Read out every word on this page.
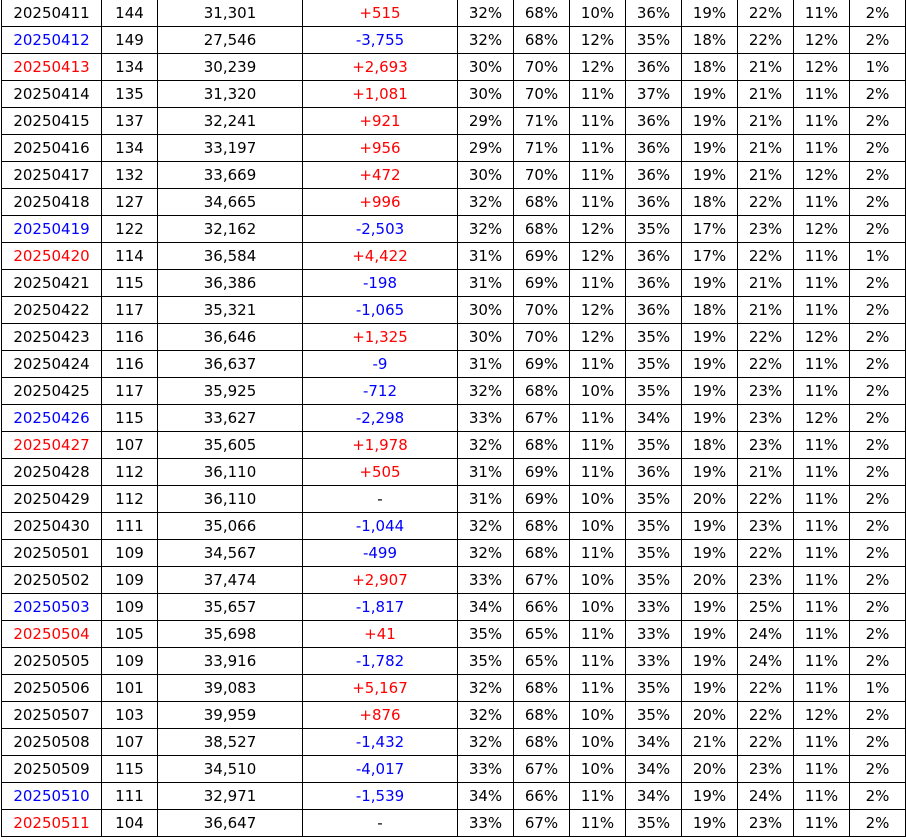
20250411	144	31,301	+515	32%	68%	10%	36%	19%	22%	11%	2%
20250412	149	27,546	-3,755	32%	68%	12%	35%	18%	22%	12%	2%
20250413	134	30,239	+2,693	30%	70%	12%	36%	18%	21%	12%	1%
20250414	135	31,320	+1,081	30%	70%	11%	37%	19%	21%	11%	2%
20250415	137	32,241	+921	29%	71%	11%	36%	19%	21%	11%	2%
20250416	134	33,197	+956	29%	71%	11%	36%	19%	21%	11%	2%
20250417	132	33,669	+472	30%	70%	11%	36%	19%	21%	12%	2%
20250418	127	34,665	+996	32%	68%	11%	36%	18%	22%	11%	2%
20250419	122	32,162	-2,503	32%	68%	12%	35%	17%	23%	12%	2%
20250420	114	36,584	+4,422	31%	69%	12%	36%	17%	22%	11%	1%
20250421	115	36,386	-198	31%	69%	11%	36%	19%	21%	11%	2%
20250422	117	35,321	-1,065	30%	70%	12%	36%	18%	21%	11%	2%
20250423	116	36,646	+1,325	30%	70%	12%	35%	19%	22%	12%	2%
20250424	116	36,637	-9	31%	69%	11%	35%	19%	22%	11%	2%
20250425	117	35,925	-712	32%	68%	10%	35%	19%	23%	11%	2%
20250426	115	33,627	-2,298	33%	67%	11%	34%	19%	23%	12%	2%
20250427	107	35,605	+1,978	32%	68%	11%	35%	18%	23%	11%	2%
20250428	112	36,110	+505	31%	69%	11%	36%	19%	21%	11%	2%
20250429	112	36,110	-	31%	69%	10%	35%	20%	22%	11%	2%
20250430	111	35,066	-1,044	32%	68%	10%	35%	19%	23%	11%	2%
20250501	109	34,567	-499	32%	68%	11%	35%	19%	22%	11%	2%
20250502	109	37,474	+2,907	33%	67%	10%	35%	20%	23%	11%	2%
20250503	109	35,657	-1,817	34%	66%	10%	33%	19%	25%	11%	2%
20250504	105	35,698	+41	35%	65%	11%	33%	19%	24%	11%	2%
20250505	109	33,916	-1,782	35%	65%	11%	33%	19%	24%	11%	2%
20250506	101	39,083	+5,167	32%	68%	11%	35%	19%	22%	11%	1%
20250507	103	39,959	+876	32%	68%	10%	35%	20%	22%	12%	2%
20250508	107	38,527	-1,432	32%	68%	10%	34%	21%	22%	11%	2%
20250509	115	34,510	-4,017	33%	67%	10%	34%	20%	23%	11%	2%
20250510	111	32,971	-1,539	34%	66%	11%	34%	19%	24%	11%	2%
20250511	104	36,647	-	33%	67%	11%	35%	19%	23%	11%	2%
